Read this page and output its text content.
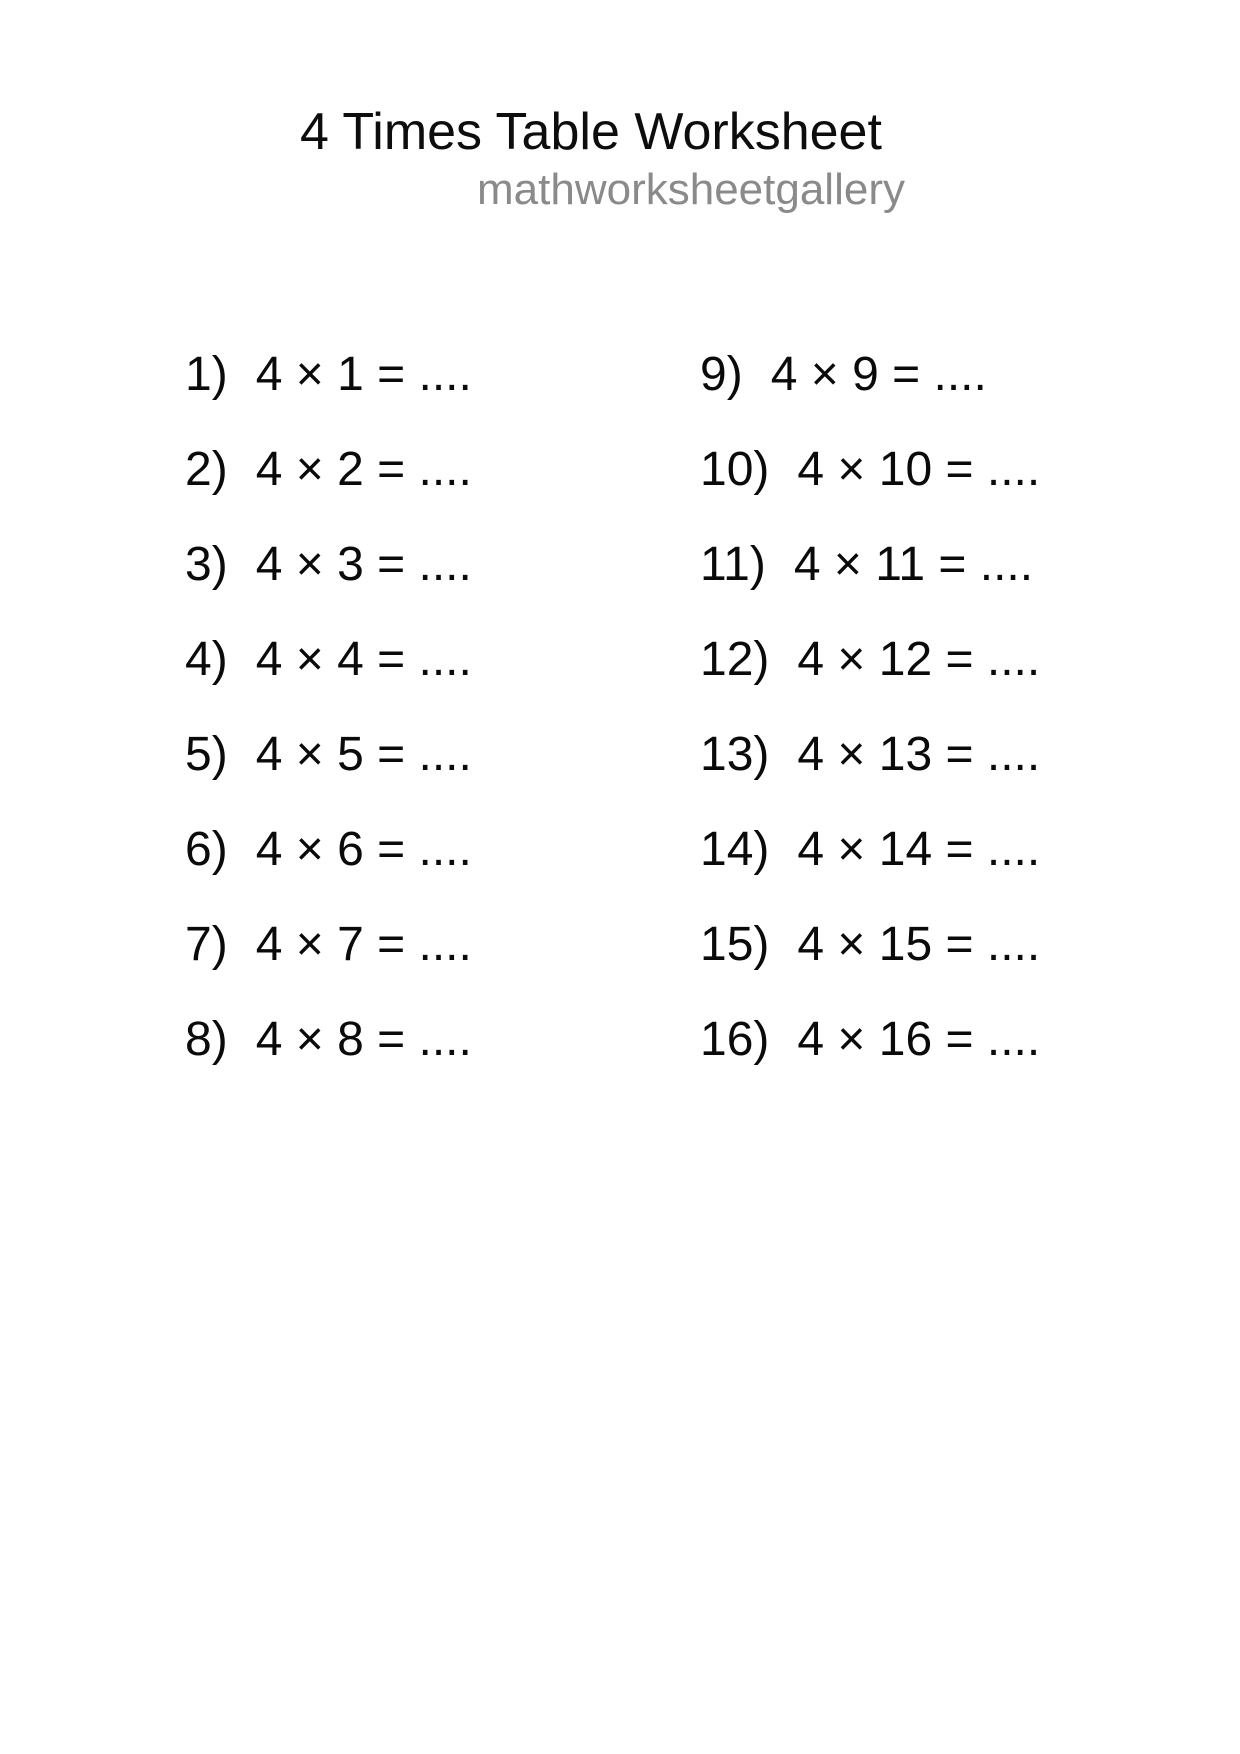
4 Times Table Worksheet
mathworksheetgallery
1) 4 × 1 = ....
2) 4 × 2 = ....
3) 4 × 3 = ....
4) 4 × 4 = ....
5) 4 × 5 = ....
6) 4 × 6 = ....
7) 4 × 7 = ....
8) 4 × 8 = ....
9) 4 × 9 = ....
10) 4 × 10 = ....
11) 4 × 11 = ....
12) 4 × 12 = ....
13) 4 × 13 = ....
14) 4 × 14 = ....
15) 4 × 15 = ....
16) 4 × 16 = ....
